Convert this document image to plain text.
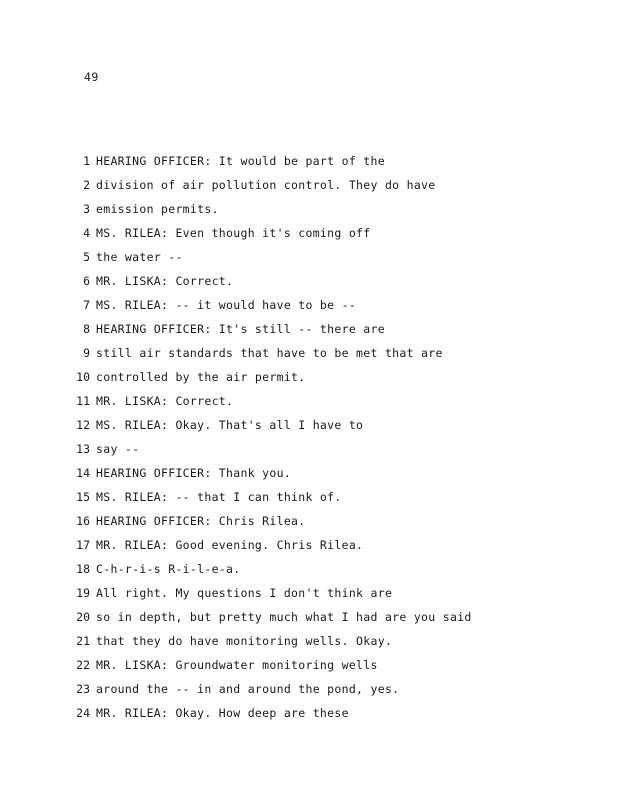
49
1 HEARING OFFICER: It would be part of the
2 division of air pollution control. They do have
3 emission permits.
4 MS. RILEA: Even though it's coming off
5 the water --
6 MR. LISKA: Correct.
7 MS. RILEA: -- it would have to be --
8 HEARING OFFICER: It's still -- there are
9 still air standards that have to be met that are
10 controlled by the air permit.
11 MR. LISKA: Correct.
12 MS. RILEA: Okay. That's all I have to
13 say --
14 HEARING OFFICER: Thank you.
15 MS. RILEA: -- that I can think of.
16 HEARING OFFICER: Chris Rilea.
17 MR. RILEA: Good evening. Chris Rilea.
18 C-h-r-i-s R-i-l-e-a.
19 All right. My questions I don't think are
20 so in depth, but pretty much what I had are you said
21 that they do have monitoring wells. Okay.
22 MR. LISKA: Groundwater monitoring wells
23 around the -- in and around the pond, yes.
24 MR. RILEA: Okay. How deep are these
